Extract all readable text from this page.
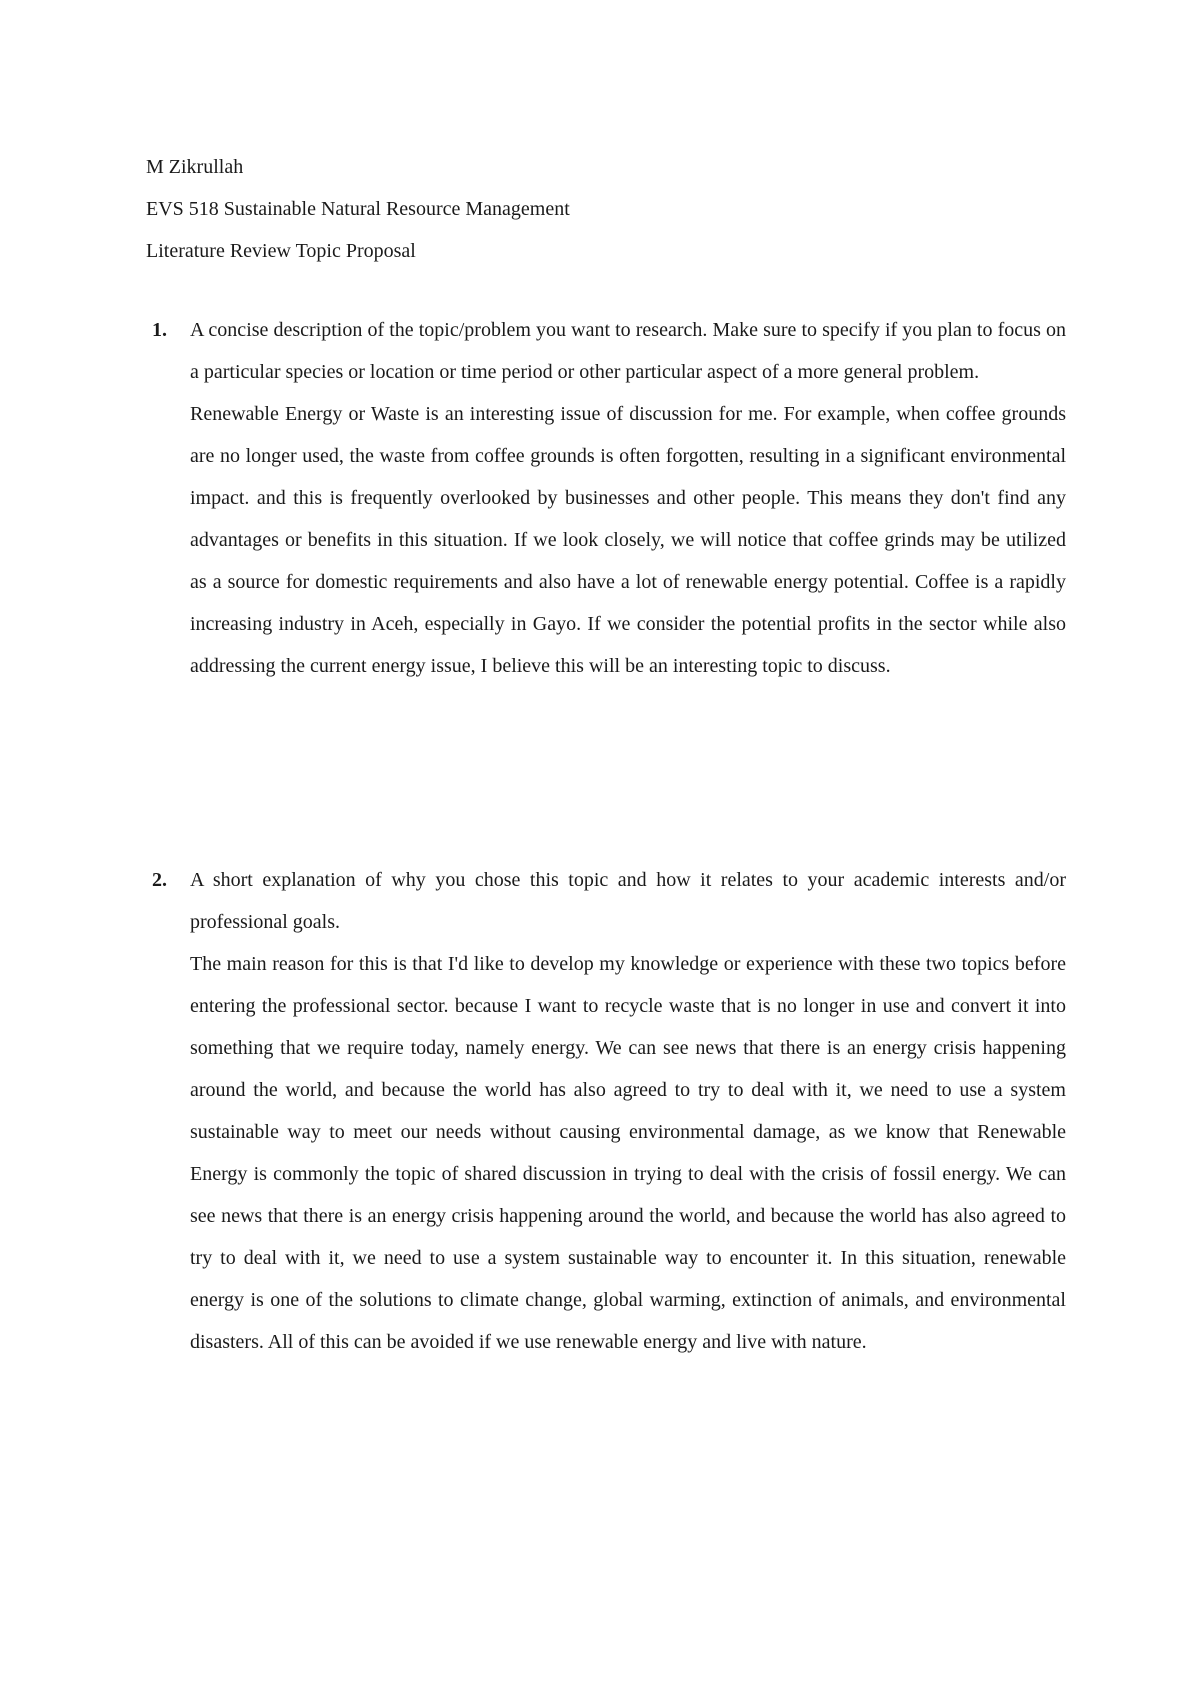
M Zikrullah
EVS 518 Sustainable Natural Resource Management
Literature Review Topic Proposal
1. A concise description of the topic/problem you want to research. Make sure to specify if you plan to focus on a particular species or location or time period or other particular aspect of a more general problem.

Renewable Energy or Waste is an interesting issue of discussion for me. For example, when coffee grounds are no longer used, the waste from coffee grounds is often forgotten, resulting in a significant environmental impact. and this is frequently overlooked by businesses and other people. This means they don't find any advantages or benefits in this situation. If we look closely, we will notice that coffee grinds may be utilized as a source for domestic requirements and also have a lot of renewable energy potential. Coffee is a rapidly increasing industry in Aceh, especially in Gayo. If we consider the potential profits in the sector while also addressing the current energy issue, I believe this will be an interesting topic to discuss.

2. A short explanation of why you chose this topic and how it relates to your academic interests and/or professional goals.

The main reason for this is that I'd like to develop my knowledge or experience with these two topics before entering the professional sector. because I want to recycle waste that is no longer in use and convert it into something that we require today, namely energy. We can see news that there is an energy crisis happening around the world, and because the world has also agreed to try to deal with it, we need to use a system sustainable way to meet our needs without causing environmental damage, as we know that Renewable Energy is commonly the topic of shared discussion in trying to deal with the crisis of fossil energy. We can see news that there is an energy crisis happening around the world, and because the world has also agreed to try to deal with it, we need to use a system sustainable way to encounter it. In this situation, renewable energy is one of the solutions to climate change, global warming, extinction of animals, and environmental disasters. All of this can be avoided if we use renewable energy and live with nature.
